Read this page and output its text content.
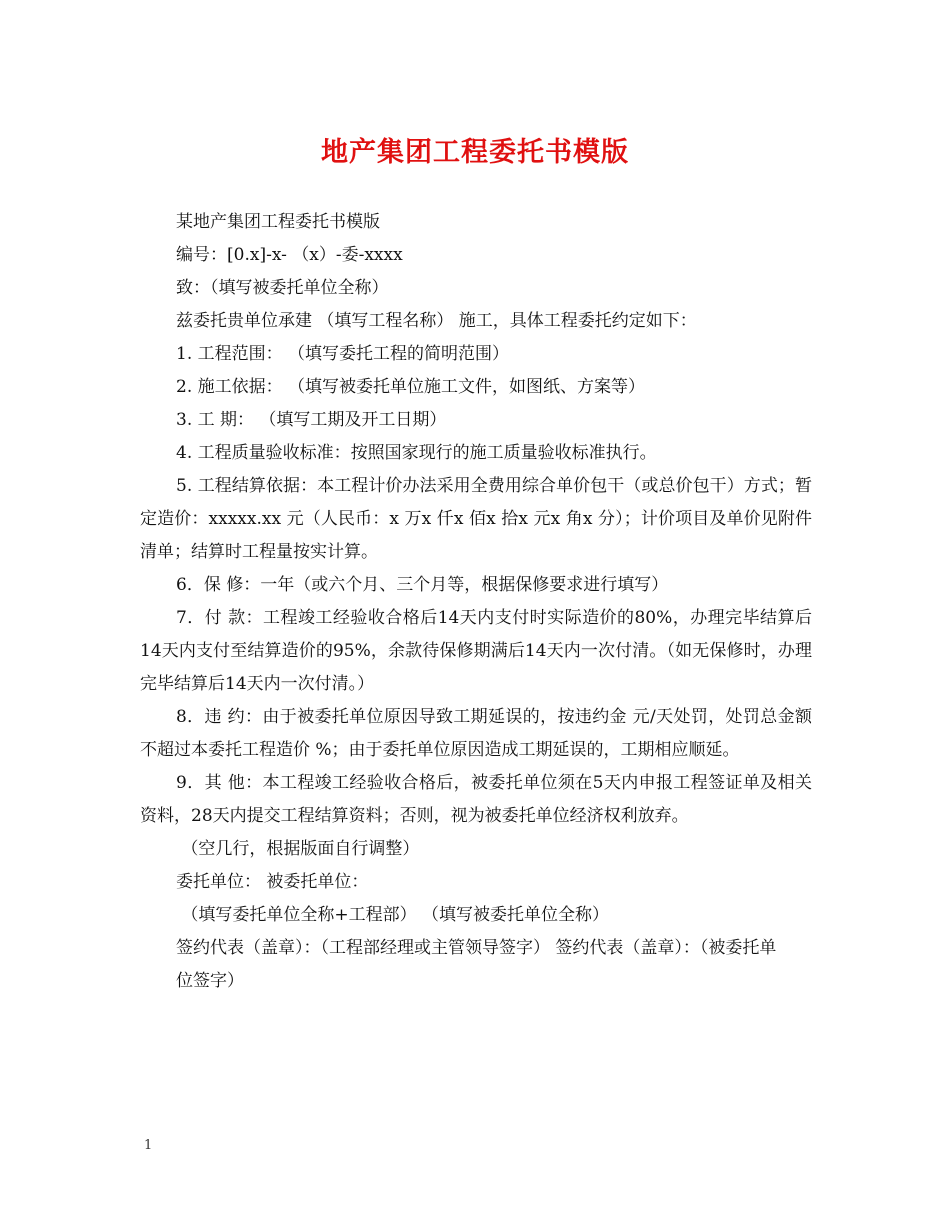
地产集团工程委托书模版

某地产集团工程委托书模版

编号：[0.x]-x- （x）-委-xxxx

致：（填写被委托单位全称）

兹委托贵单位承建 （填写工程名称） 施工，具体工程委托约定如下：

1. 工程范围： （填写委托工程的简明范围）

2. 施工依据： （填写被委托单位施工文件，如图纸、方案等）

3. 工 期： （填写工期及开工日期）

4. 工程质量验收标准：按照国家现行的施工质量验收标准执行。

5. 工程结算依据：本工程计价办法采用全费用综合单价包干（或总价包干）方式；暂定造价：xxxxx.xx 元（人民币：x 万x 仟x 佰x 拾x 元x 角x 分）；计价项目及单价见附件清单；结算时工程量按实计算。

6．保 修：一年（或六个月、三个月等，根据保修要求进行填写）

7．付 款：工程竣工经验收合格后14天内支付时实际造价的80%，办理完毕结算后14天内支付至结算造价的95%，余款待保修期满后14天内一次付清。（如无保修时，办理完毕结算后14天内一次付清。）

8．违 约：由于被委托单位原因导致工期延误的，按违约金 元/天处罚，处罚总金额不超过本委托工程造价 %；由于委托单位原因造成工期延误的，工期相应顺延。

9．其 他：本工程竣工经验收合格后，被委托单位须在5天内申报工程签证单及相关资料，28天内提交工程结算资料；否则，视为被委托单位经济权利放弃。

（空几行，根据版面自行调整）

委托单位： 被委托单位：

（填写委托单位全称+工程部） （填写被委托单位全称）

签约代表（盖章）：（工程部经理或主管领导签字） 签约代表（盖章）：（被委托单

位签字）

1
